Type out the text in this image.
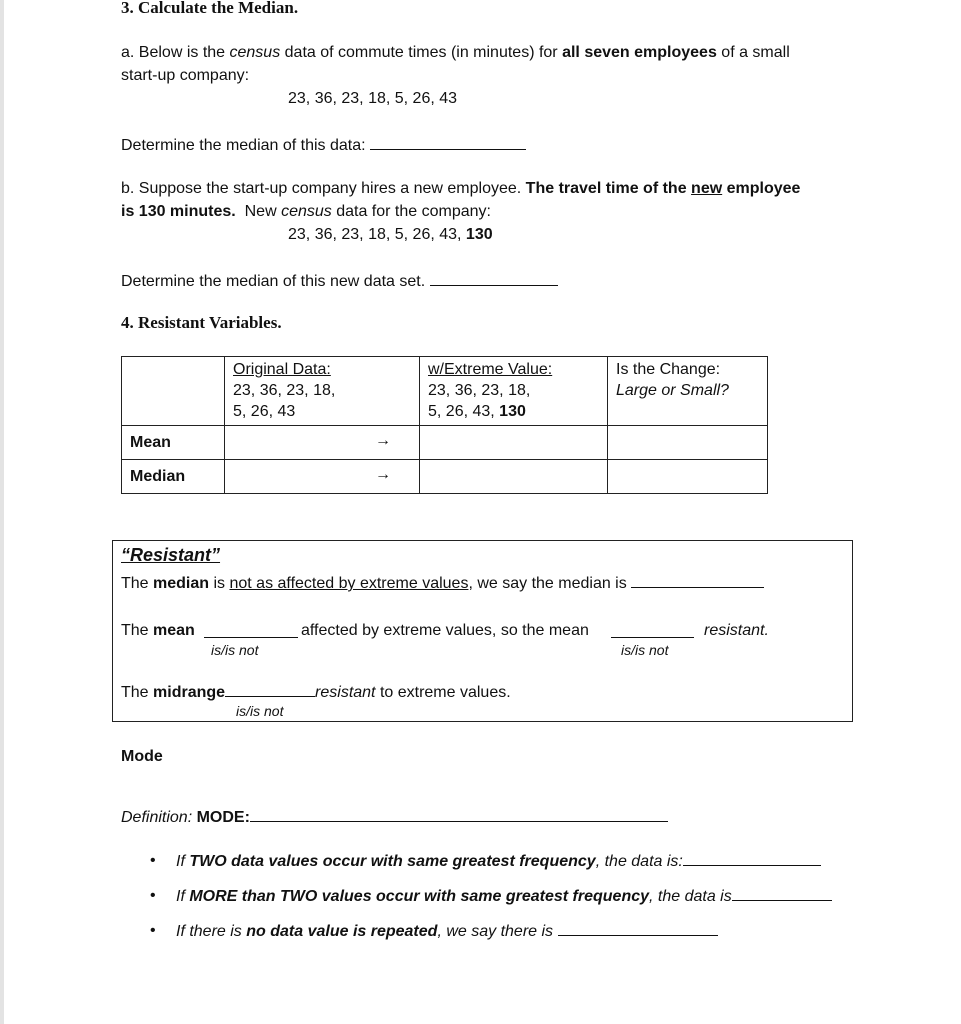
3. Calculate the Median.
a. Below is the census data of commute times (in minutes) for all seven employees of a small
start-up company:
23, 36, 23, 18, 5, 26, 43
Determine the median of this data:
b. Suppose the start-up company hires a new employee. The travel time of the new employee
is 130 minutes.  New census data for the company:
23, 36, 23, 18, 5, 26, 43, 130
Determine the median of this new data set.
4. Resistant Variables.
	Original Data:
23, 36, 23, 18,
5, 26, 43	w/Extreme Value:
23, 36, 23, 18,
5, 26, 43, 130	Is the Change:
Large or Small?
Mean	→		
Median	→		
“Resistant”
The median is not as affected by extreme values, we say the median is
The mean	affected by extreme values, so the mean	resistant.
is/is not	is/is not
The midrange	resistant to extreme values.
is/is not
Mode
Definition: MODE:
• If TWO data values occur with same greatest frequency, the data is:
• If MORE than TWO values occur with same greatest frequency, the data is
• If there is no data value is repeated, we say there is
